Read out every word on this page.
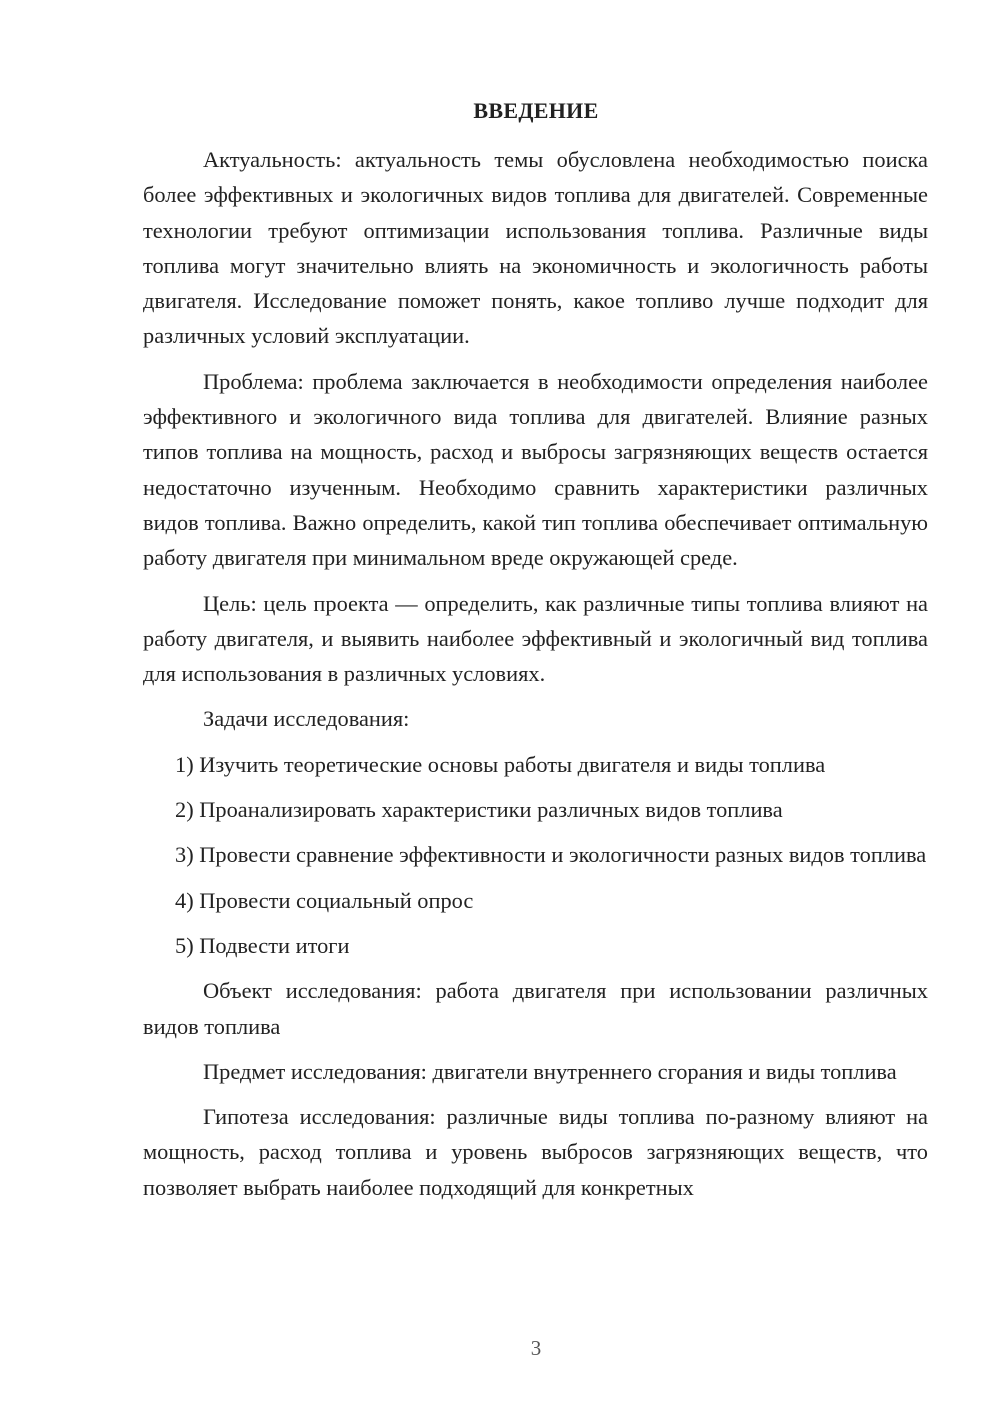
ВВЕДЕНИЕ

Актуальность: актуальность темы обусловлена необходимостью поиска более эффективных и экологичных видов топлива для двигателей. Современные технологии требуют оптимизации использования топлива. Различные виды топлива могут значительно влиять на экономичность и экологичность работы двигателя. Исследование поможет понять, какое топливо лучше подходит для различных условий эксплуатации.

Проблема: проблема заключается в необходимости определения наиболее эффективного и экологичного вида топлива для двигателей. Влияние разных типов топлива на мощность, расход и выбросы загрязняющих веществ остается недостаточно изученным. Необходимо сравнить характеристики различных видов топлива. Важно определить, какой тип топлива обеспечивает оптимальную работу двигателя при минимальном вреде окружающей среде.

Цель: цель проекта — определить, как различные типы топлива влияют на работу двигателя, и выявить наиболее эффективный и экологичный вид топлива для использования в различных условиях.

Задачи исследования:

1) Изучить теоретические основы работы двигателя и виды топлива

2) Проанализировать характеристики различных видов топлива

3) Провести сравнение эффективности и экологичности разных видов топлива

4) Провести социальный опрос

5) Подвести итоги

Объект исследования: работа двигателя при использовании различных видов топлива

Предмет исследования: двигатели внутреннего сгорания и виды топлива

Гипотеза исследования: различные виды топлива по-разному влияют на мощность, расход топлива и уровень выбросов загрязняющих веществ, что позволяет выбрать наиболее подходящий для конкретных

3
